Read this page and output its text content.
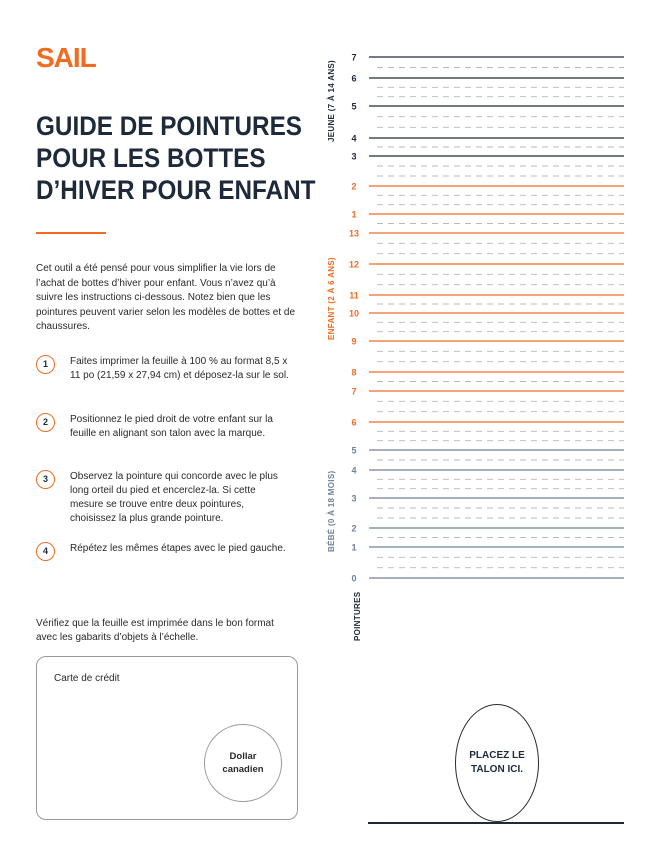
SAIL
GUIDE DE POINTURES
POUR LES BOTTES
D’HIVER POUR ENFANT

Cet outil a été pensé pour vous simplifier la vie lors de l’achat de bottes d’hiver pour enfant. Vous n’avez qu’à suivre les instructions ci-dessous. Notez bien que les pointures peuvent varier selon les modèles de bottes et de chaussures.

1	Faites imprimer la feuille à 100 % au format 8,5 x 11 po (21,59 x 27,94 cm) et déposez-la sur le sol.
2	Positionnez le pied droit de votre enfant sur la feuille en alignant son talon avec la marque.
3	Observez la pointure qui concorde avec le plus long orteil du pied et encerclez-la. Si cette mesure se trouve entre deux pointures, choisissez la plus grande pointure.
4	Répétez les mêmes étapes avec le pied gauche.

Vérifiez que la feuille est imprimée dans le bon format avec les gabarits d’objets à l’échelle.

Carte de crédit
Dollar canadien
7
6
5
4
3
2
1
13
12
11
10
9
8
7
6
5
4
3
2
1
0
JEUNE (7 À 14 ANS)
ENFANT (2 À 6 ANS)
BÉBÉ (0 À 18 MOIS)
POINTURES
PLACEZ LE TALON ICI.
